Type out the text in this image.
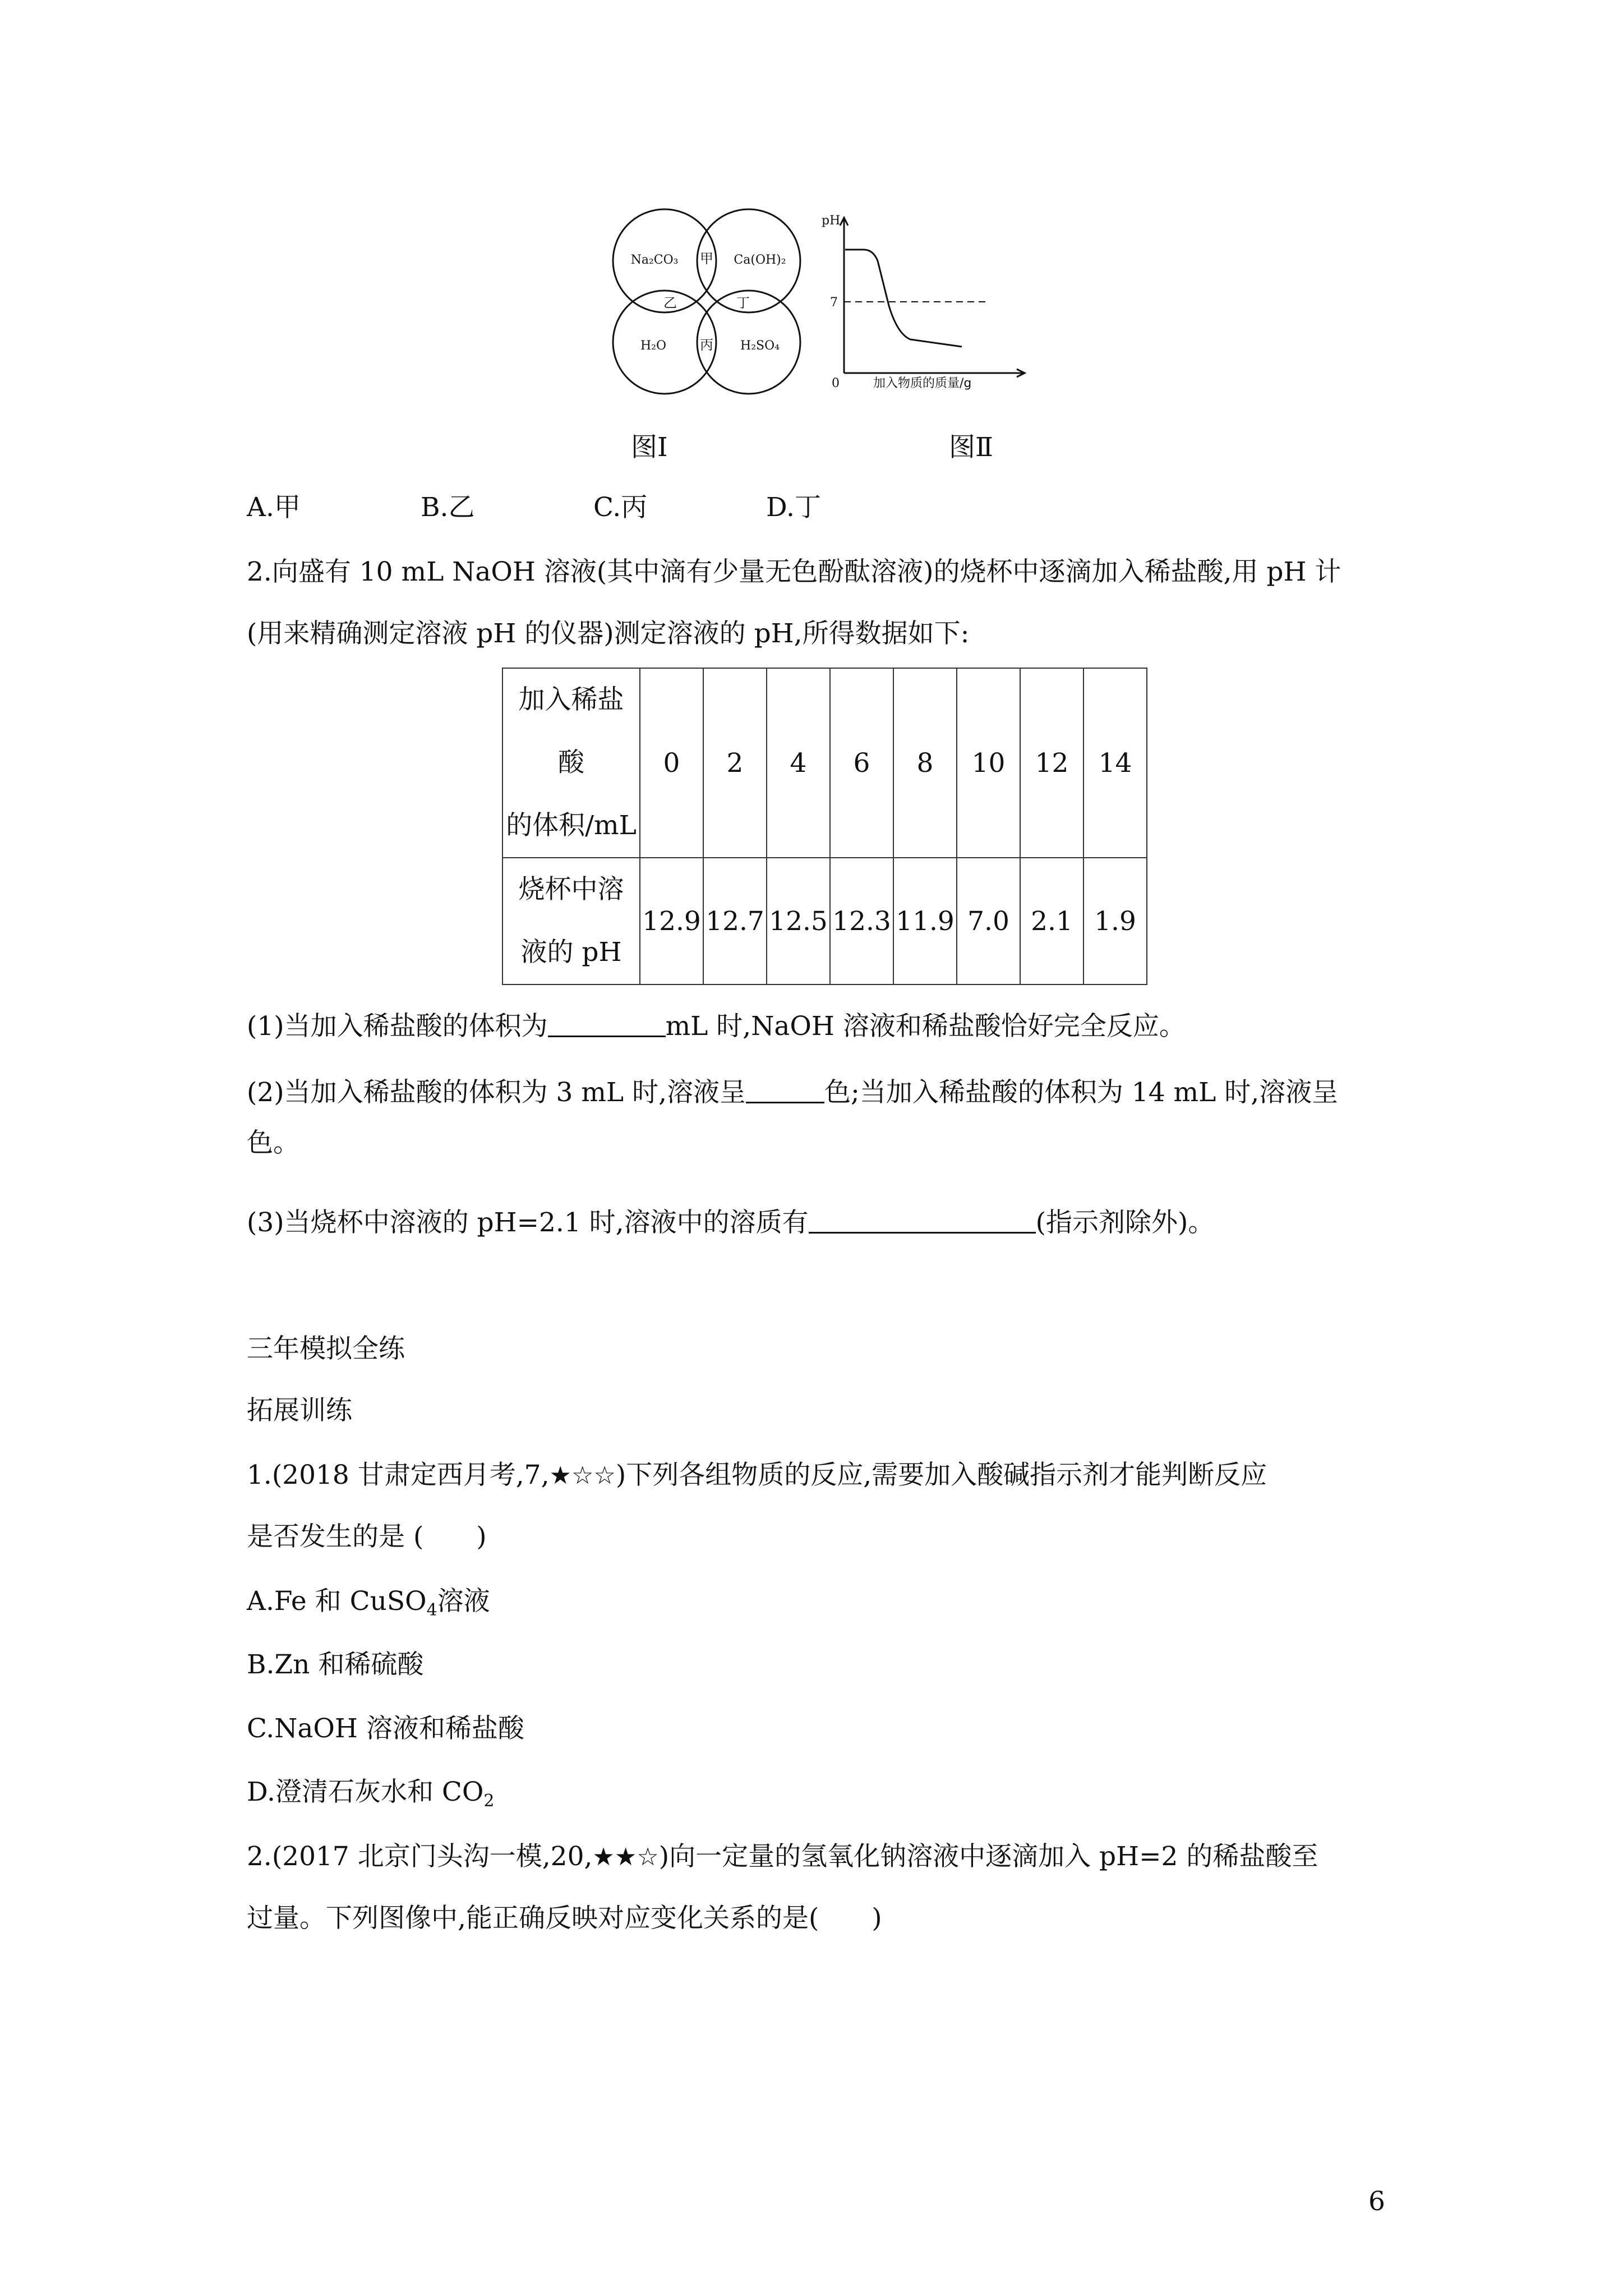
Na₂CO₃	Ca(OH)₂
H₂O	H₂SO₄
甲
乙	丁
丙
pH
7
0	加入物质的质量/g
图Ⅰ	图Ⅱ
A.甲	B.乙	C.丙	D.丁
2.向盛有 10 mL NaOH 溶液(其中滴有少量无色酚酞溶液)的烧杯中逐滴加入稀盐酸,用 pH 计
(用来精确测定溶液 pH 的仪器)测定溶液的 pH,所得数据如下:
加入稀盐
酸
的体积/mL	0	2	4	6	8	10	12	14

烧杯中溶
液的 pH	12.9	12.7	12.5	12.3	11.9	7.0	2.1	1.9
(1)当加入稀盐酸的体积为	mL 时,NaOH 溶液和稀盐酸恰好完全反应。
(2)当加入稀盐酸的体积为 3 mL 时,溶液呈	色;当加入稀盐酸的体积为 14 mL 时,溶液呈
色。
(3)当烧杯中溶液的 pH=2.1 时,溶液中的溶质有	(指示剂除外)。
三年模拟全练
拓展训练
1.(2018 甘肃定西月考,7,★☆☆)下列各组物质的反应,需要加入酸碱指示剂才能判断反应
是否发生的是 (　　)
A.Fe 和 CuSO$_4$溶液
B.Zn 和稀硫酸
C.NaOH 溶液和稀盐酸
D.澄清石灰水和 $CO_2$
2.(2017 北京门头沟一模,20,★★☆)向一定量的氢氧化钠溶液中逐滴加入 pH=2 的稀盐酸至
过量。下列图像中,能正确反映对应变化关系的是(　　)
6
